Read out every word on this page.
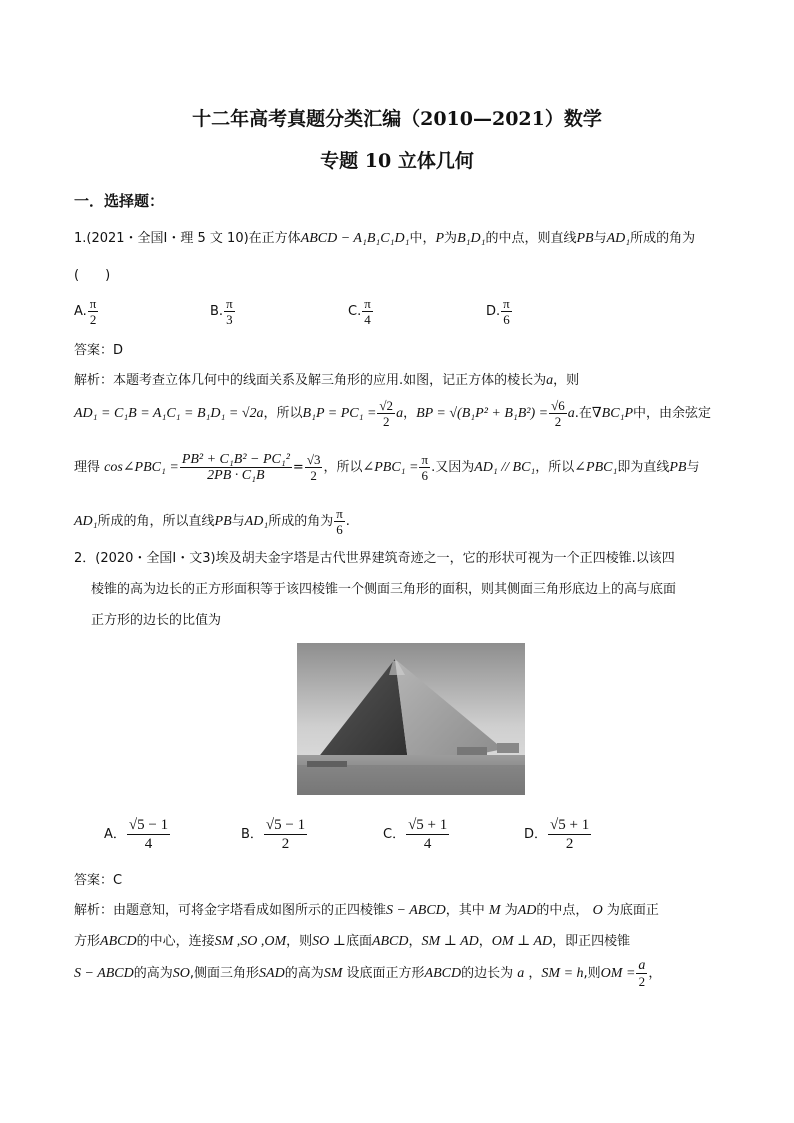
十二年高考真题分类汇编（2010—2021）数学
专题 10 立体几何
一．选择题：
1.(2021・全国Ⅰ・理 5 文 10)在正方体ABCD − A₁B₁C₁D₁中，P为B₁D₁的中点，则直线PB与AD₁所成的角为
(　　)
A. $\frac{\pi}{2}$	B. $\frac{\pi}{3}$	C. $\frac{\pi}{4}$	D. $\frac{\pi}{6}$
答案：D
解析：本题考查立体几何中的线面关系及解三角形的应用.如图，记正方体的棱长为a，则
AD₁ = C₁B = A₁C₁ = B₁D₁ = √2a，所以$B_1P = PC_1 = \frac{√2}{2}$ a，BP = $√(B_1P^2 + B_1B^2) = \frac{√6}{2} a$.在∇BC₁P中，由余弦定
理得 cos∠PBC₁ = $\frac{\text{PB² + C₁B² − PC₁²}}{\text{2PB · C₁B}} = \frac{√3}{2}$ ，所以∠PBC₁ = $\frac{\pi}{6}$ .又因为AD₁ // BC₁，所以∠PBC₁即为直线PB与
AD₁所成的角，所以直线PB与AD₁所成的角为 $\frac{\pi}{6}$ .
2．(2020・全国Ⅰ・文3)埃及胡夫金字塔是古代世界建筑奇迹之一，它的形状可视为一个正四棱锥.以该四
棱锥的高为边长的正方形面积等于该四棱锥一个侧面三角形的面积，则其侧面三角形底边上的高与底面
正方形的边长的比值为
A． $\frac{√5 - 1}{4}$	B． $\frac{√5 - 1}{2}$	C． $\frac{√5 + 1}{4}$	D． $\frac{√5 + 1}{2}$
答案：C
解析：由题意知，可将金字塔看成如图所示的正四棱锥S − ABCD，其中 M 为AD的中点， O 为底面正
方形ABCD的中心，连接SM ,SO ,OM，则SO ⊥底面ABCD，SM ⊥ AD，OM ⊥ AD，即正四棱锥
S − ABCD的高为SO,侧面三角形SAD的高为SM 设底面正方形ABCD的边长为 a ，SM = h,则OM = $\frac{a}{2}$ ，
